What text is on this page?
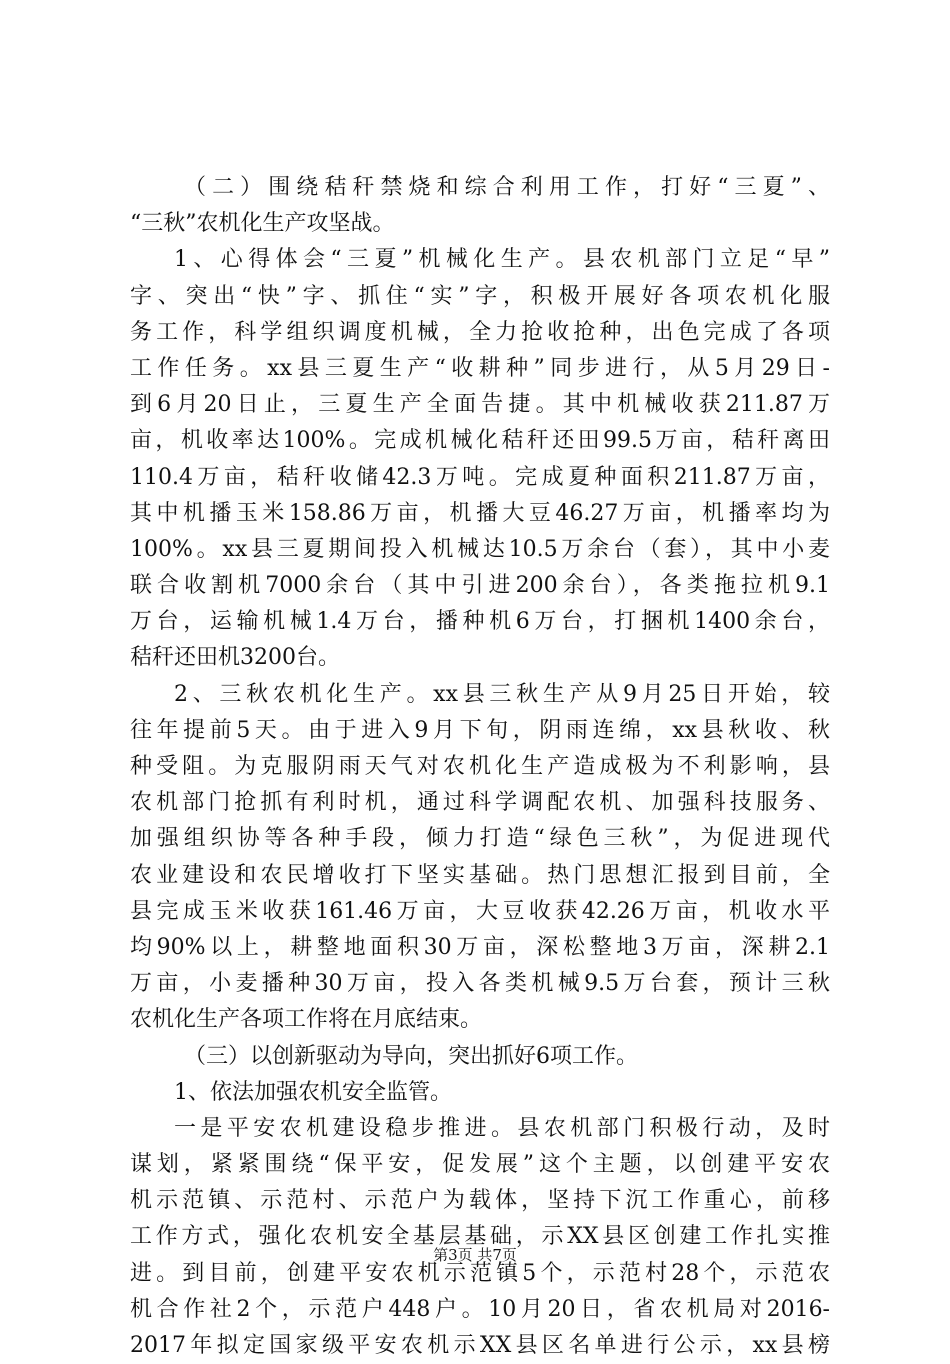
（二）围绕秸秆禁烧和综合利用工作，打好“三夏”、
“三秋”农机化生产攻坚战。
1、心得体会“三夏”机械化生产。县农机部门立足“早”
字、突出“快”字、抓住“实”字，积极开展好各项农机化服
务工作，科学组织调度机械，全力抢收抢种，出色完成了各项
工作任务。xx县三夏生产“收耕种”同步进行，从5月29日-
到6月20日止，三夏生产全面告捷。其中机械收获211.87万
亩，机收率达100%。完成机械化秸秆还田99.5万亩，秸秆离田
110.4万亩，秸秆收储42.3万吨。完成夏种面积211.87万亩，
其中机播玉米158.86万亩，机播大豆46.27万亩，机播率均为
100%。xx县三夏期间投入机械达10.5万余台（套），其中小麦
联合收割机7000余台（其中引进200余台），各类拖拉机9.1
万台，运输机械1.4万台，播种机6万台，打捆机1400余台，
秸秆还田机3200台。
2、三秋农机化生产。xx县三秋生产从9月25日开始，较
往年提前5天。由于进入9月下旬，阴雨连绵，xx县秋收、秋
种受阻。为克服阴雨天气对农机化生产造成极为不利影响，县
农机部门抢抓有利时机，通过科学调配农机、加强科技服务、
加强组织协等各种手段，倾力打造“绿色三秋”，为促进现代
农业建设和农民增收打下坚实基础。热门思想汇报到目前，全
县完成玉米收获161.46万亩，大豆收获42.26万亩，机收水平
均90%以上，耕整地面积30万亩，深松整地3万亩，深耕2.1
万亩，小麦播种30万亩，投入各类机械9.5万台套，预计三秋
农机化生产各项工作将在月底结束。
（三）以创新驱动为导向，突出抓好6项工作。
1、依法加强农机安全监管。
一是平安农机建设稳步推进。县农机部门积极行动，及时
谋划，紧紧围绕“保平安，促发展”这个主题，以创建平安农
机示范镇、示范村、示范户为载体，坚持下沉工作重心，前移
工作方式，强化农机安全基层基础，示XX县区创建工作扎实推
进。到目前，创建平安农机示范镇5个，示范村28个，示范农
机合作社2个，示范户448户。10月20日，省农机局对2016-
2017年拟定国家级平安农机示XX县区名单进行公示，xx县榜
第3页 共7页
